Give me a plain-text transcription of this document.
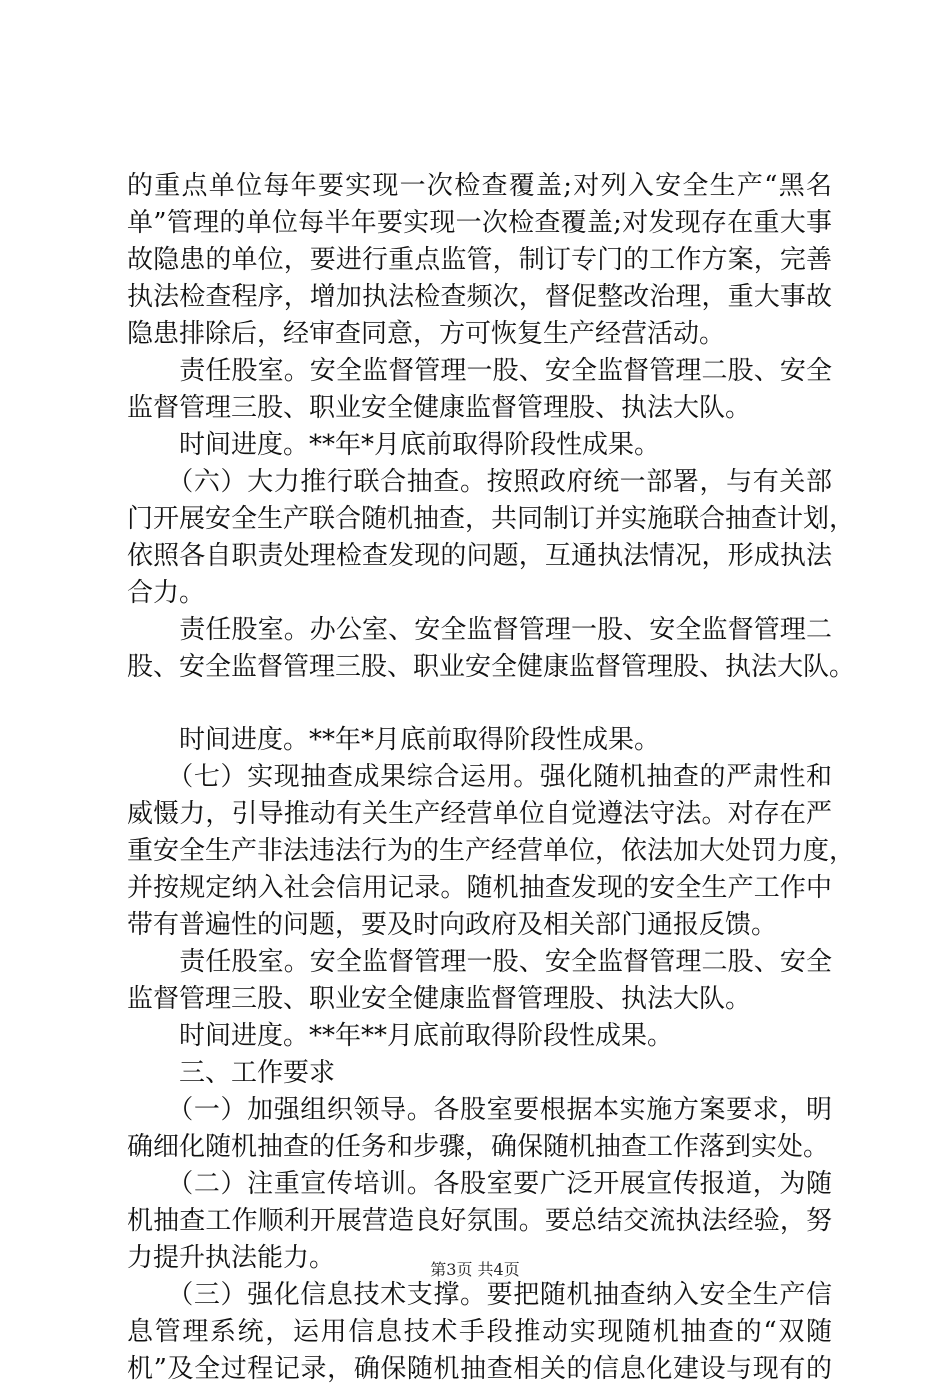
的重点单位每年要实现一次检查覆盖;对列入安全生产“黑名
单”管理的单位每半年要实现一次检查覆盖;对发现存在重大事
故隐患的单位，要进行重点监管，制订专门的工作方案，完善
执法检查程序，增加执法检查频次，督促整改治理，重大事故
隐患排除后，经审查同意，方可恢复生产经营活动。
　　责任股室。安全监督管理一股、安全监督管理二股、安全
监督管理三股、职业安全健康监督管理股、执法大队。
　　时间进度。**年*月底前取得阶段性成果。
　　（六）大力推行联合抽查。按照政府统一部署，与有关部
门开展安全生产联合随机抽查，共同制订并实施联合抽查计划，
依照各自职责处理检查发现的问题，互通执法情况，形成执法
合力。
　　责任股室。办公室、安全监督管理一股、安全监督管理二
股、安全监督管理三股、职业安全健康监督管理股、执法大队。
　　时间进度。**年*月底前取得阶段性成果。
　　（七）实现抽查成果综合运用。强化随机抽查的严肃性和
威慑力，引导推动有关生产经营单位自觉遵法守法。对存在严
重安全生产非法违法行为的生产经营单位，依法加大处罚力度，
并按规定纳入社会信用记录。随机抽查发现的安全生产工作中
带有普遍性的问题，要及时向政府及相关部门通报反馈。
　　责任股室。安全监督管理一股、安全监督管理二股、安全
监督管理三股、职业安全健康监督管理股、执法大队。
　　时间进度。**年**月底前取得阶段性成果。
　　三、工作要求
　　（一）加强组织领导。各股室要根据本实施方案要求，明
确细化随机抽查的任务和步骤，确保随机抽查工作落到实处。
　　（二）注重宣传培训。各股室要广泛开展宣传报道，为随
机抽查工作顺利开展营造良好氛围。要总结交流执法经验，努
力提升执法能力。
　　（三）强化信息技术支撑。要把随机抽查纳入安全生产信
息管理系统，运用信息技术手段推动实现随机抽查的“双随
机”及全过程记录，确保随机抽查相关的信息化建设与现有的
第3页 共4页
